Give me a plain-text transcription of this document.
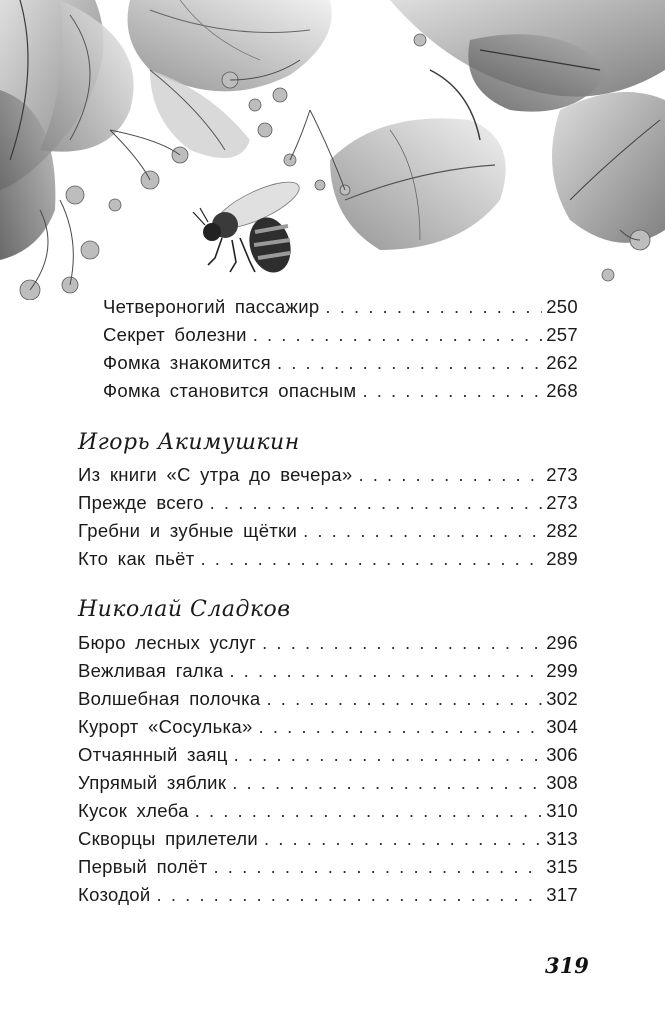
Четвероногий пассажир . . .	250
Секрет болезни . . .	257
Фомка знакомится . . .	262
Фомка становится опасным . . .	268
Игорь Акимушкин
Из книги «С утра до вечера» . . .	273
Прежде всего . . .	273
Гребни и зубные щётки . . .	282
Кто как пьёт . . .	289
Николай Сладков
Бюро лесных услуг . . .	296
Вежливая галка . . .	299
Волшебная полочка . . .	302
Курорт «Сосулька» . . .	304
Отчаянный заяц . . .	306
Упрямый зяблик . . .	308
Кусок хлеба . . .	310
Скворцы прилетели . . .	313
Первый полёт . . .	315
Козодой . . .	317
319
